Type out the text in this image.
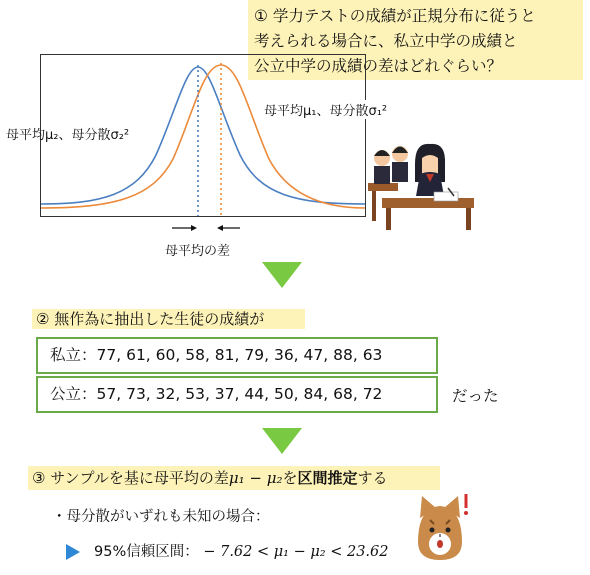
① 学力テストの成績が正規分布に従うと
考えられる場合に、私立中学の成績と
公立中学の成績の差はどれぐらい？
母平均μ₂、母分散σ₂²
母平均μ₁、母分散σ₁²
母平均の差
② 無作為に抽出した生徒の成績が
私立：77, 61, 60, 58, 81, 79, 36, 47, 88, 63
公立：57, 73, 32, 53, 37, 44, 50, 84, 68, 72	だった
③ サンプルを基に母平均の差μ₁ − μ₂を区間推定する
・母分散がいずれも未知の場合：
95%信頼区間： − 7.62 < μ₁ − μ₂ < 23.62
